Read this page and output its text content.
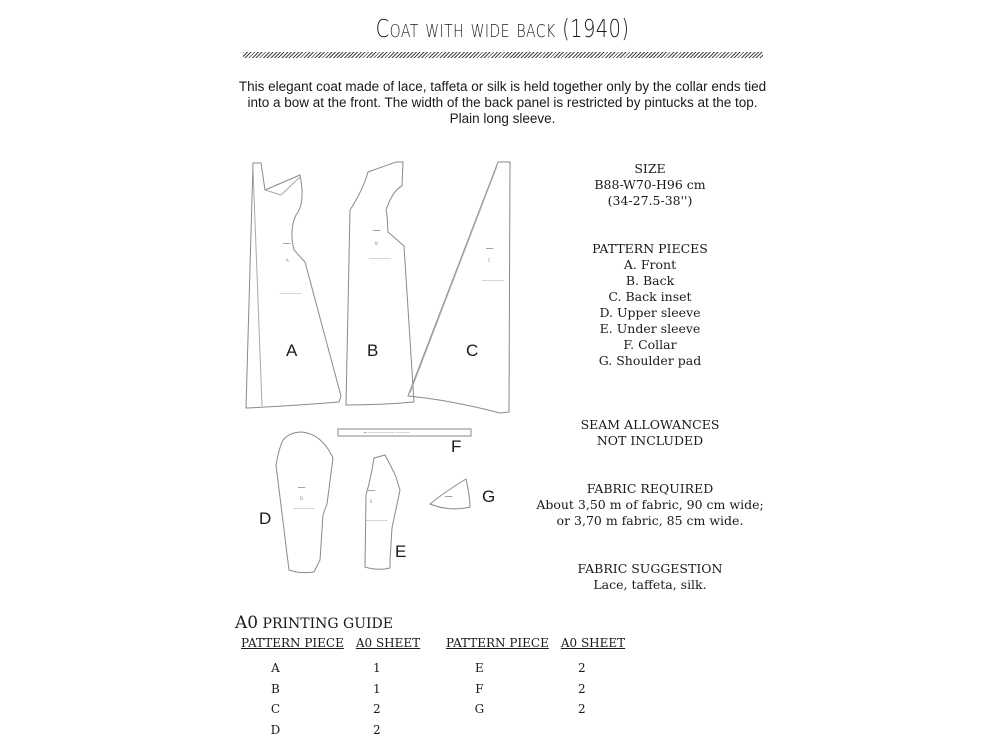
Coat with wide back (1940)
This elegant coat made of lace, taffeta or silk is held together only by the collar ends tied into a bow at the front. The width of the back panel is restricted by pintucks at the top. Plain long sleeve.
═══
A
─────────
═══
B
─────────
═══
C
─────────
═══
D
─────────
═══
E
─────────
═ ─────────── ──────
═══
A	B	C
D
E
F
G
SIZE
B88-W70-H96 cm
(34-27.5-38'')
PATTERN PIECES
A. Front
B. Back
C. Back inset
D. Upper sleeve
E. Under sleeve
F. Collar
G. Shoulder pad
SEAM ALLOWANCES
NOT INCLUDED
FABRIC REQUIRED
About 3,50 m of fabric, 90 cm wide;
or 3,70 m fabric, 85 cm wide.
FABRIC SUGGESTION
Lace, taffeta, silk.
A0 PRINTING GUIDE
PATTERN PIECE	A0 SHEET
A	1
B	1
C	2
D	2
PATTERN PIECE	A0 SHEET
E	2
F	2
G	2
